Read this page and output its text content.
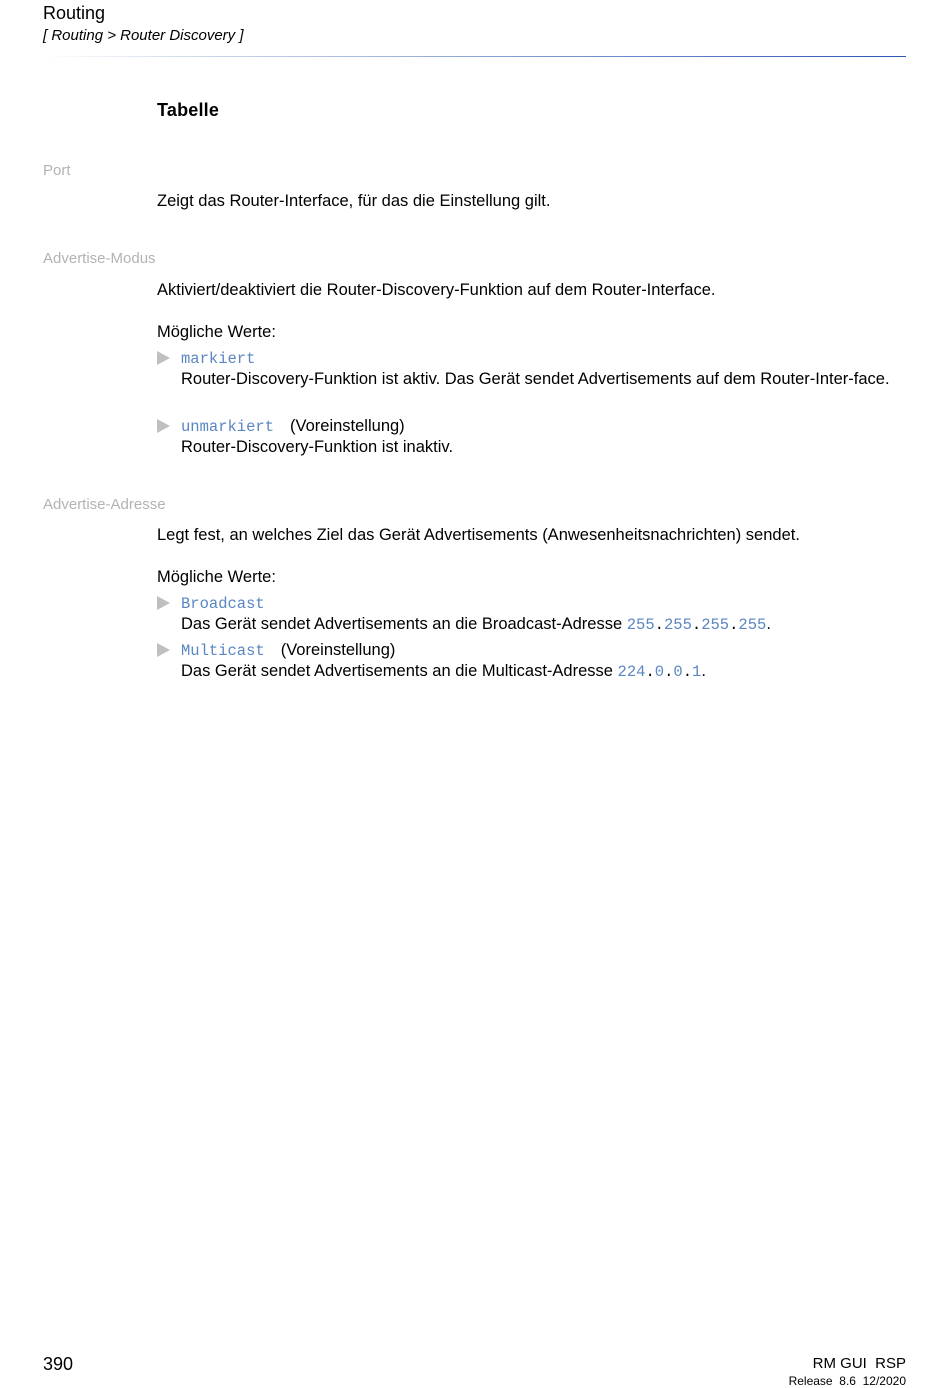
Routing
[ Routing > Router Discovery ]
Tabelle
Port
Zeigt das Router-Interface, für das die Einstellung gilt.
Advertise-Modus
Aktiviert/deaktiviert die Router-Discovery-Funktion auf dem Router-Interface.
Mögliche Werte:
markiert
Router-Discovery-Funktion ist aktiv. Das Gerät sendet Advertisements auf dem Router-Inter-face.
unmarkiert (Voreinstellung)
Router-Discovery-Funktion ist inaktiv.
Advertise-Adresse
Legt fest, an welches Ziel das Gerät Advertisements (Anwesenheitsnachrichten) sendet.
Mögliche Werte:
Broadcast
Das Gerät sendet Advertisements an die Broadcast-Adresse 255.255.255.255.
Multicast (Voreinstellung)
Das Gerät sendet Advertisements an die Multicast-Adresse 224.0.0.1.
390	RM GUI  RSP
Release  8.6  12/2020
